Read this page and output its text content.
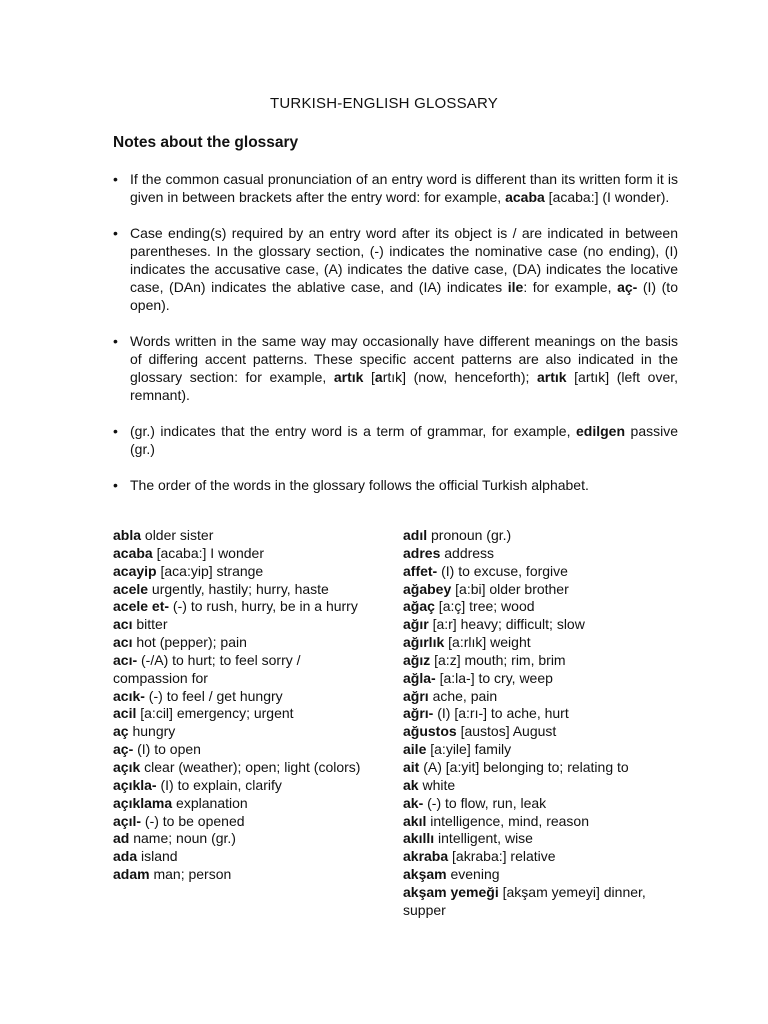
TURKISH-ENGLISH GLOSSARY
Notes about the glossary
• If the common casual pronunciation of an entry word is different than its written form it is given in between brackets after the entry word: for example, acaba [acaba:] (I wonder).
• Case ending(s) required by an entry word after its object is / are indicated in between parentheses. In the glossary section, (-) indicates the nominative case (no ending), (I) indicates the accusative case, (A) indicates the dative case, (DA) indicates the locative case, (DAn) indicates the ablative case, and (IA) indicates ile: for example, aç- (I) (to open).
• Words written in the same way may occasionally have different meanings on the basis of differing accent patterns. These specific accent patterns are also indicated in the glossary section: for example, artık [artık] (now, henceforth); artık [artık] (left over, remnant).
• (gr.) indicates that the entry word is a term of grammar, for example, edilgen passive (gr.)
• The order of the words in the glossary follows the official Turkish alphabet.
abla older sister
acaba [acaba:] I wonder
acayip [aca:yip] strange
acele urgently, hastily; hurry, haste
acele et- (-) to rush, hurry, be in a hurry
acı bitter
acı hot (pepper); pain
acı- (-/A) to hurt; to feel sorry / compassion for
acık- (-) to feel / get hungry
acil [a:cil] emergency; urgent
aç hungry
aç- (I) to open
açık clear (weather); open; light (colors)
açıkla- (I) to explain, clarify
açıklama explanation
açıl- (-) to be opened
ad name; noun (gr.)
ada island
adam man; person
adıl pronoun (gr.)
adres address
affet- (I) to excuse, forgive
ağabey [a:bi] older brother
ağaç [a:ç] tree; wood
ağır [a:r] heavy; difficult; slow
ağırlık [a:rlık] weight
ağız [a:z] mouth; rim, brim
ağla- [a:la-] to cry, weep
ağrı ache, pain
ağrı- (I) [a:rı-] to ache, hurt
ağustos [austos] August
aile [a:yile] family
ait (A) [a:yit] belonging to; relating to
ak white
ak- (-) to flow, run, leak
akıl intelligence, mind, reason
akıllı intelligent, wise
akraba [akraba:] relative
akşam evening
akşam yemeği [akşam yemeyi] dinner, supper
